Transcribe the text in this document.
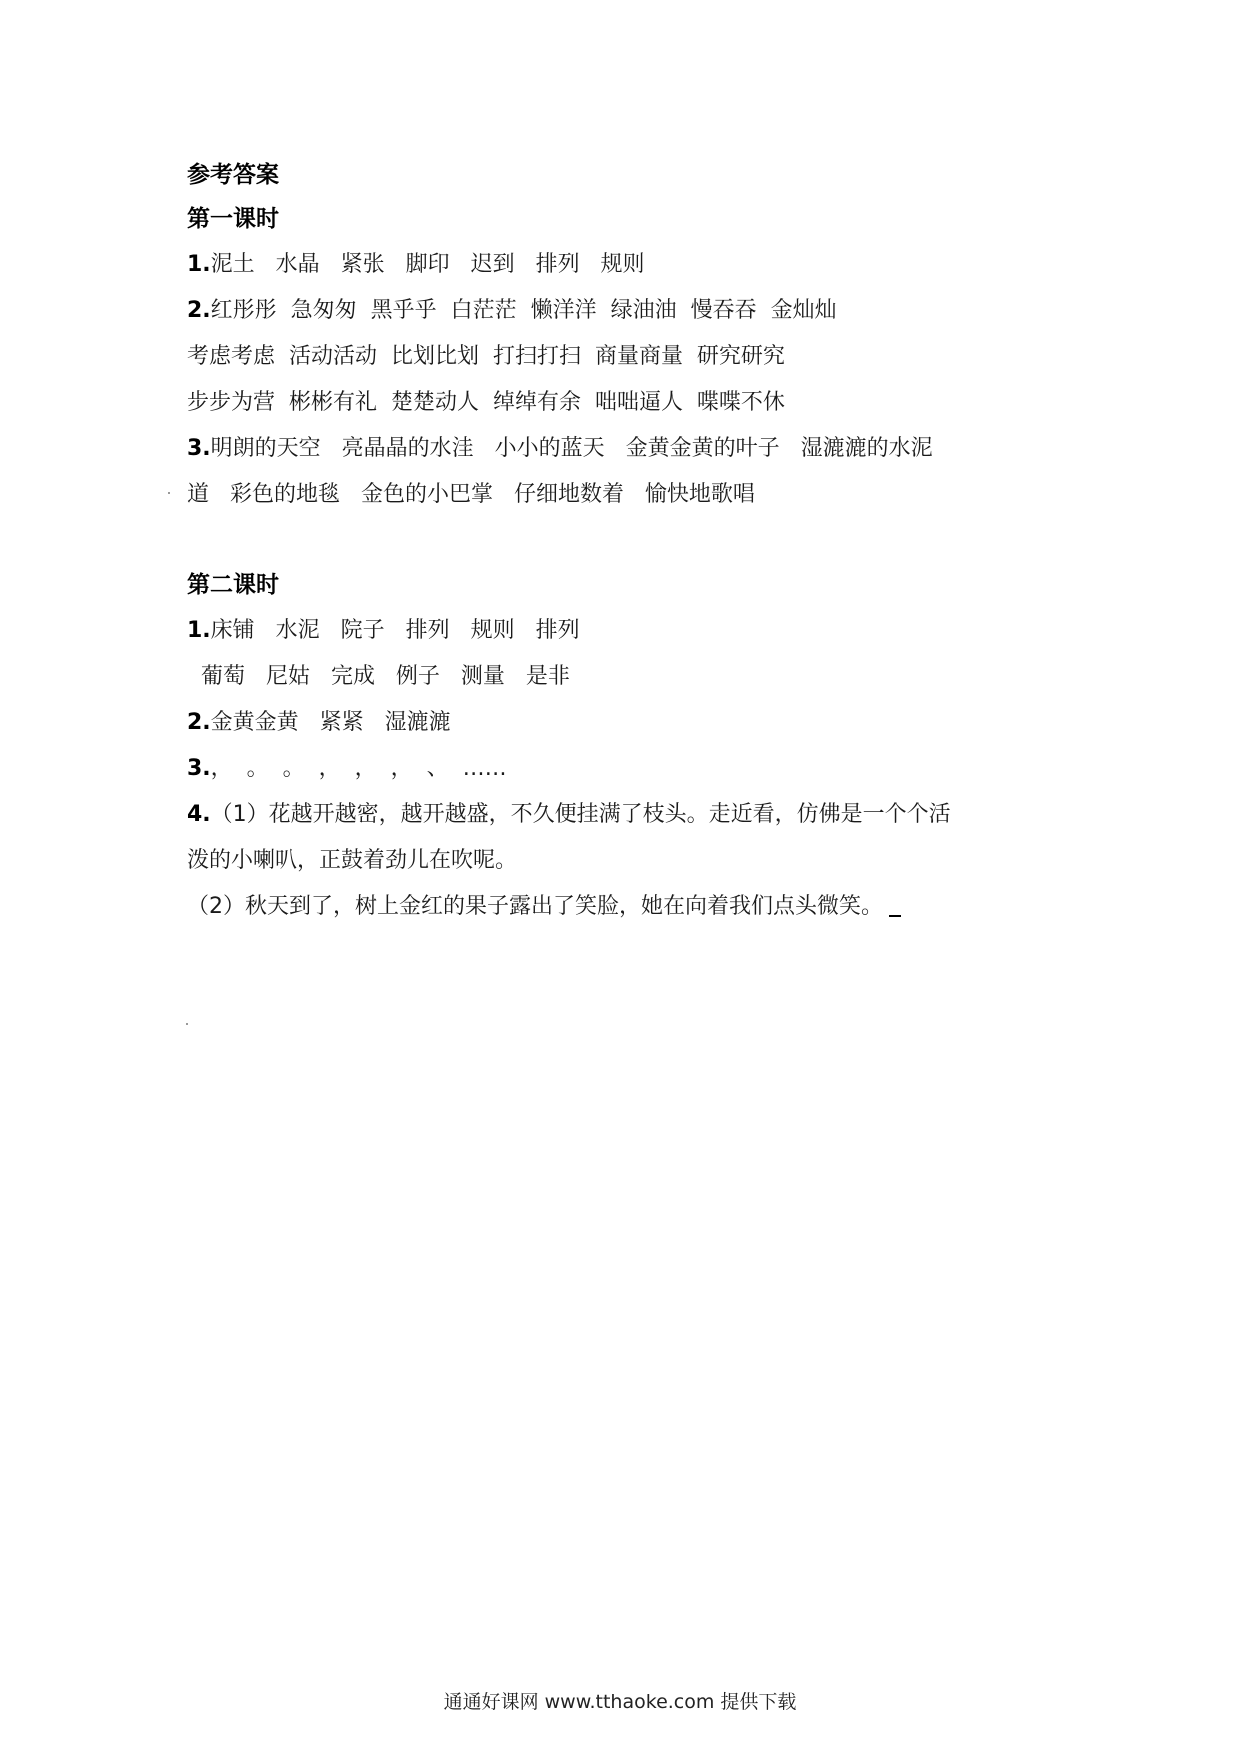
参考答案
第一课时
1.泥土   水晶   紧张   脚印   迟到   排列   规则
2.红彤彤  急匆匆  黑乎乎  白茫茫  懒洋洋  绿油油  慢吞吞  金灿灿
考虑考虑  活动活动  比划比划  打扫打扫  商量商量  研究研究
步步为营  彬彬有礼  楚楚动人  绰绰有余  咄咄逼人  喋喋不休
3.明朗的天空   亮晶晶的水洼   小小的蓝天   金黄金黄的叶子   湿漉漉的水泥
道   彩色的地毯   金色的小巴掌   仔细地数着   愉快地歌唱
第二课时
1.床铺   水泥   院子   排列   规则   排列
葡萄   尼姑   完成   例子   测量   是非
2.金黄金黄   紧紧   湿漉漉
3.，  。  。  ，  ，  ，  、  ……
4.（1）花越开越密，越开越盛，不久便挂满了枝头。走近看，仿佛是一个个活
泼的小喇叭，正鼓着劲儿在吹呢。
（2）秋天到了，树上金红的果子露出了笑脸，她在向着我们点头微笑。
通通好课网 www.tthaoke.com 提供下载
